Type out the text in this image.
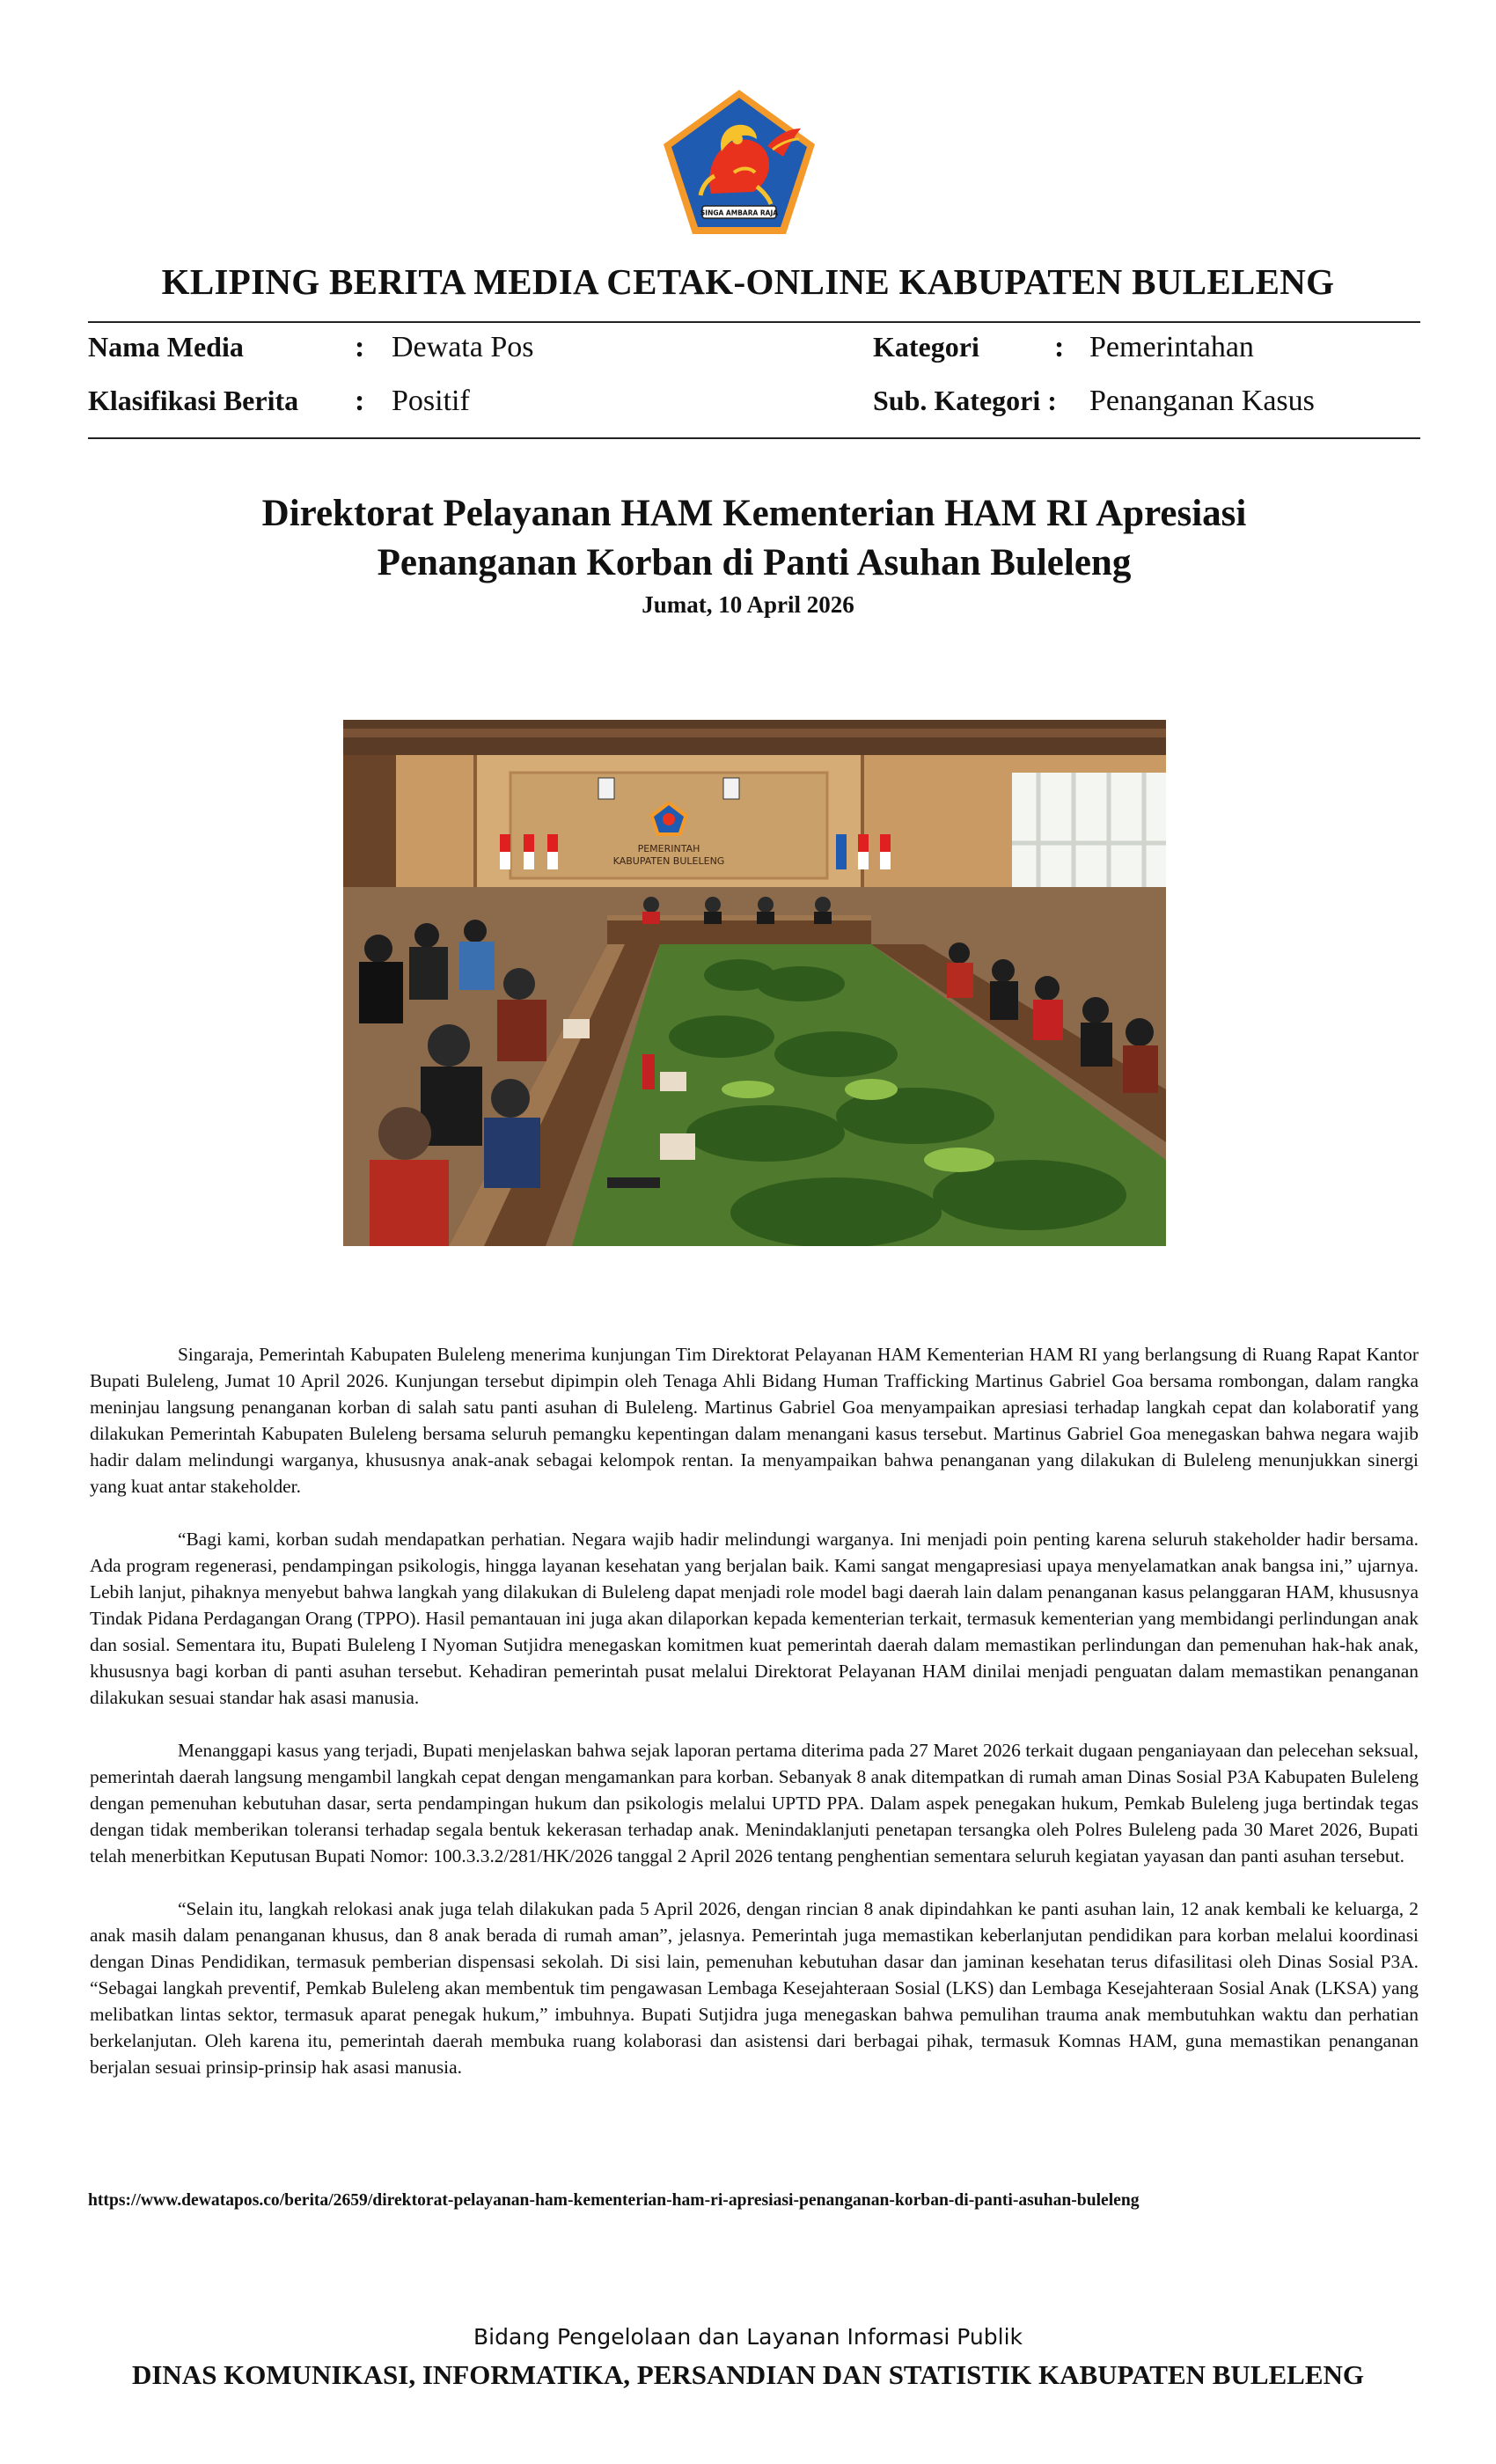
SINGA AMBARA RAJA
KLIPING BERITA MEDIA CETAK-ONLINE KABUPATEN BULELENG
Nama Media	: Dewata Pos
Klasifikasi Berita : Positif
Kategori	: Pemerintahan
Sub. Kategori : Penanganan Kasus
Direktorat Pelayanan HAM Kementerian HAM RI Apresiasi
Penanganan Korban di Panti Asuhan Buleleng
Jumat, 10 April 2026
PEMERINTAH
KABUPATEN BULELENG

Singaraja, Pemerintah Kabupaten Buleleng menerima kunjungan Tim Direktorat Pelayanan HAM Kementerian HAM RI yang berlangsung di Ruang Rapat Kantor Bupati Buleleng, Jumat 10 April 2026. Kunjungan tersebut dipimpin oleh Tenaga Ahli Bidang Human Trafficking Martinus Gabriel Goa bersama rombongan, dalam rangka meninjau langsung penanganan korban di salah satu panti asuhan di Buleleng. Martinus Gabriel Goa menyampaikan apresiasi terhadap langkah cepat dan kolaboratif yang dilakukan Pemerintah Kabupaten Buleleng bersama seluruh pemangku kepentingan dalam menangani kasus tersebut. Martinus Gabriel Goa menegaskan bahwa negara wajib hadir dalam melindungi warganya, khususnya anak-anak sebagai kelompok rentan. Ia menyampaikan bahwa penanganan yang dilakukan di Buleleng menunjukkan sinergi yang kuat antar stakeholder.

“Bagi kami, korban sudah mendapatkan perhatian. Negara wajib hadir melindungi warganya. Ini menjadi poin penting karena seluruh stakeholder hadir bersama. Ada program regenerasi, pendampingan psikologis, hingga layanan kesehatan yang berjalan baik. Kami sangat mengapresiasi upaya menyelamatkan anak bangsa ini,” ujarnya. Lebih lanjut, pihaknya menyebut bahwa langkah yang dilakukan di Buleleng dapat menjadi role model bagi daerah lain dalam penanganan kasus pelanggaran HAM, khususnya Tindak Pidana Perdagangan Orang (TPPO). Hasil pemantauan ini juga akan dilaporkan kepada kementerian terkait, termasuk kementerian yang membidangi perlindungan anak dan sosial. Sementara itu, Bupati Buleleng I Nyoman Sutjidra menegaskan komitmen kuat pemerintah daerah dalam memastikan perlindungan dan pemenuhan hak-hak anak, khususnya bagi korban di panti asuhan tersebut. Kehadiran pemerintah pusat melalui Direktorat Pelayanan HAM dinilai menjadi penguatan dalam memastikan penanganan dilakukan sesuai standar hak asasi manusia.

Menanggapi kasus yang terjadi, Bupati menjelaskan bahwa sejak laporan pertama diterima pada 27 Maret 2026 terkait dugaan penganiayaan dan pelecehan seksual, pemerintah daerah langsung mengambil langkah cepat dengan mengamankan para korban. Sebanyak 8 anak ditempatkan di rumah aman Dinas Sosial P3A Kabupaten Buleleng dengan pemenuhan kebutuhan dasar, serta pendampingan hukum dan psikologis melalui UPTD PPA. Dalam aspek penegakan hukum, Pemkab Buleleng juga bertindak tegas dengan tidak memberikan toleransi terhadap segala bentuk kekerasan terhadap anak. Menindaklanjuti penetapan tersangka oleh Polres Buleleng pada 30 Maret 2026, Bupati telah menerbitkan Keputusan Bupati Nomor: 100.3.3.2/281/HK/2026 tanggal 2 April 2026 tentang penghentian sementara seluruh kegiatan yayasan dan panti asuhan tersebut.

“Selain itu, langkah relokasi anak juga telah dilakukan pada 5 April 2026, dengan rincian 8 anak dipindahkan ke panti asuhan lain, 12 anak kembali ke keluarga, 2 anak masih dalam penanganan khusus, dan 8 anak berada di rumah aman”, jelasnya. Pemerintah juga memastikan keberlanjutan pendidikan para korban melalui koordinasi dengan Dinas Pendidikan, termasuk pemberian dispensasi sekolah. Di sisi lain, pemenuhan kebutuhan dasar dan jaminan kesehatan terus difasilitasi oleh Dinas Sosial P3A. “Sebagai langkah preventif, Pemkab Buleleng akan membentuk tim pengawasan Lembaga Kesejahteraan Sosial (LKS) dan Lembaga Kesejahteraan Sosial Anak (LKSA) yang melibatkan lintas sektor, termasuk aparat penegak hukum,” imbuhnya. Bupati Sutjidra juga menegaskan bahwa pemulihan trauma anak membutuhkan waktu dan perhatian berkelanjutan. Oleh karena itu, pemerintah daerah membuka ruang kolaborasi dan asistensi dari berbagai pihak, termasuk Komnas HAM, guna memastikan penanganan berjalan sesuai prinsip-prinsip hak asasi manusia.

https://www.dewatapos.co/berita/2659/direktorat-pelayanan-ham-kementerian-ham-ri-apresiasi-penanganan-korban-di-panti-asuhan-buleleng
Bidang Pengelolaan dan Layanan Informasi Publik
DINAS KOMUNIKASI, INFORMATIKA, PERSANDIAN DAN STATISTIK KABUPATEN BULELENG
